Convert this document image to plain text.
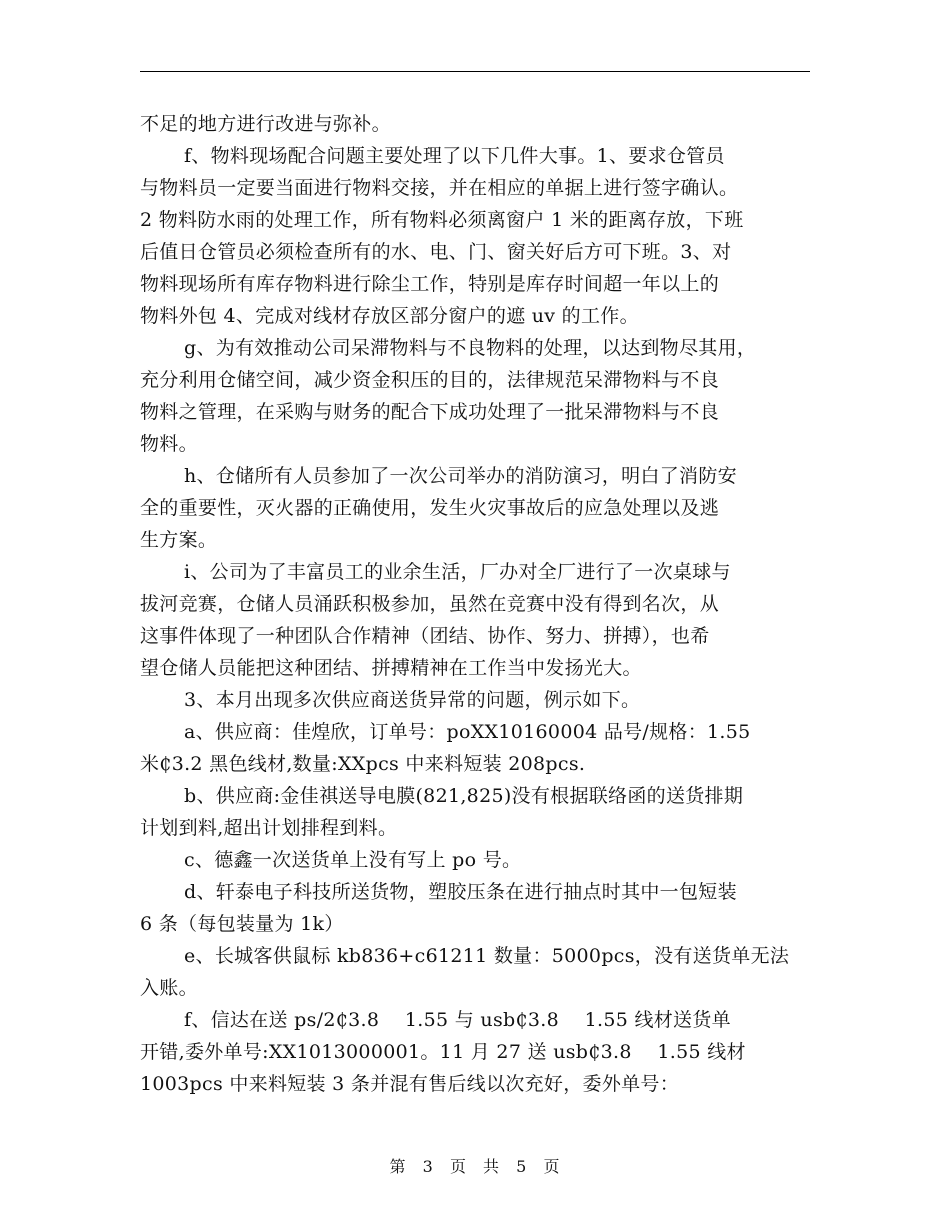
不足的地方进行改进与弥补。
f、物料现场配合问题主要处理了以下几件大事。1、要求仓管员
与物料员一定要当面进行物料交接，并在相应的单据上进行签字确认。
2 物料防水雨的处理工作，所有物料必须离窗户 1 米的距离存放，下班
后值日仓管员必须检查所有的水、电、门、窗关好后方可下班。3、对
物料现场所有库存物料进行除尘工作，特别是库存时间超一年以上的
物料外包 4、完成对线材存放区部分窗户的遮 uv 的工作。
g、为有效推动公司呆滞物料与不良物料的处理，以达到物尽其用，
充分利用仓储空间，减少资金积压的目的，法律规范呆滞物料与不良
物料之管理，在采购与财务的配合下成功处理了一批呆滞物料与不良
物料。
h、仓储所有人员参加了一次公司举办的消防演习，明白了消防安
全的重要性，灭火器的正确使用，发生火灾事故后的应急处理以及逃
生方案。
i、公司为了丰富员工的业余生活，厂办对全厂进行了一次桌球与
拔河竞赛，仓储人员涌跃积极参加，虽然在竞赛中没有得到名次，从
这事件体现了一种团队合作精神（团结、协作、努力、拼搏），也希
望仓储人员能把这种团结、拼搏精神在工作当中发扬光大。
3、本月出现多次供应商送货异常的问题，例示如下。
a、供应商：佳煌欣，订单号：poXX10160004 品号/规格：1.55
米₵3.2 黑色线材,数量:XXpcs 中来料短装 208pcs.
b、供应商:金佳祺送导电膜(821,825)没有根据联络函的送货排期
计划到料,超出计划排程到料。
c、德鑫一次送货单上没有写上 po 号。
d、轩泰电子科技所送货物，塑胶压条在进行抽点时其中一包短装
6 条（每包装量为 1k）
e、长城客供鼠标 kb836+c61211 数量：5000pcs，没有送货单无法
入账。
f、信达在送 ps/2₵3.8　 1.55 与 usb₵3.8　 1.55 线材送货单
开错,委外单号:XX1013000001。11 月 27 送 usb₵3.8　 1.55 线材
1003pcs 中来料短装 3 条并混有售后线以次充好，委外单号：
第 3 页 共 5 页
